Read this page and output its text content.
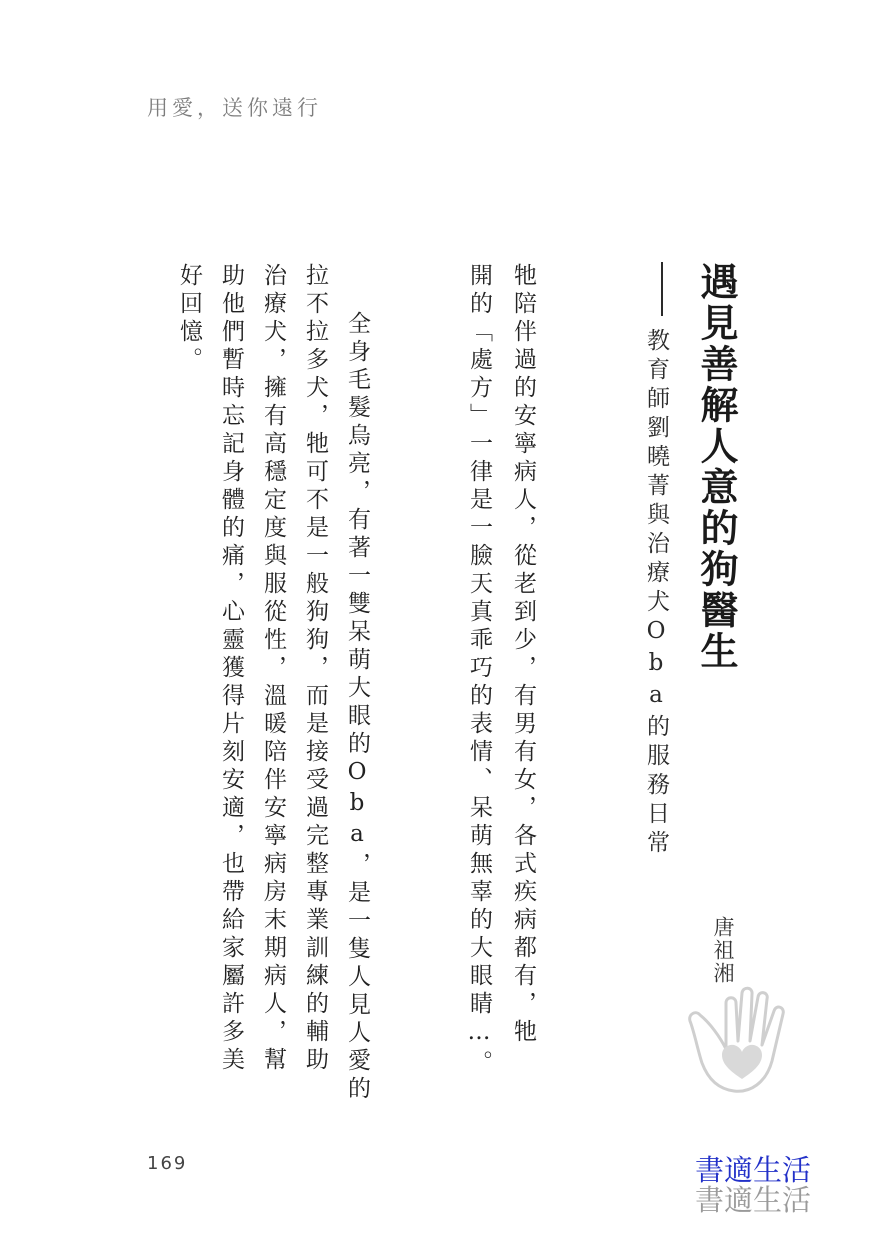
用愛，送你遠行
遇見善解人意的狗醫生
教育師劉曉菁與治療犬Oba的服務日常
唐祖湘
牠陪伴過的安寧病人，從老到少，有男有女，各式疾病都有，牠
開的「處方」一律是一臉天真乖巧的表情、呆萌無辜的大眼睛…。
全身毛髮烏亮，有著一雙呆萌大眼的Oba，是一隻人見人愛的
拉不拉多犬，牠可不是一般狗狗，而是接受過完整專業訓練的輔助
治療犬，擁有高穩定度與服從性，溫暖陪伴安寧病房末期病人，幫
助他們暫時忘記身體的痛，心靈獲得片刻安適，也帶給家屬許多美
好回憶。
169	書適生活
書適生活
